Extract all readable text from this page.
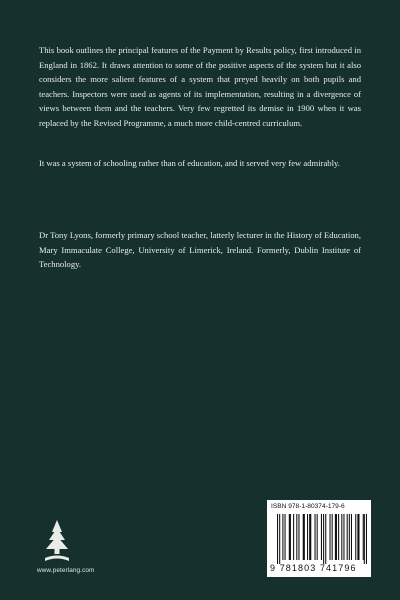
This book outlines the principal features of the Payment by Results policy, first introduced in England in 1862. It draws attention to some of the positive aspects of the system but it also considers the more salient features of a system that preyed heavily on both pupils and teachers. Inspectors were used as agents of its implementation, resulting in a divergence of views between them and the teachers. Very few regretted its demise in 1900 when it was replaced by the Revised Programme, a much more child-centred curriculum.

It was a system of schooling rather than of education, and it served very few admirably.

Dr Tony Lyons, formerly primary school teacher, latterly lecturer in the History of Education, Mary Immaculate College, University of Limerick, Ireland. Formerly, Dublin Institute of Technology.

www.peterlang.com
ISBN 978-1-80374-179-6
9 781803 741796
